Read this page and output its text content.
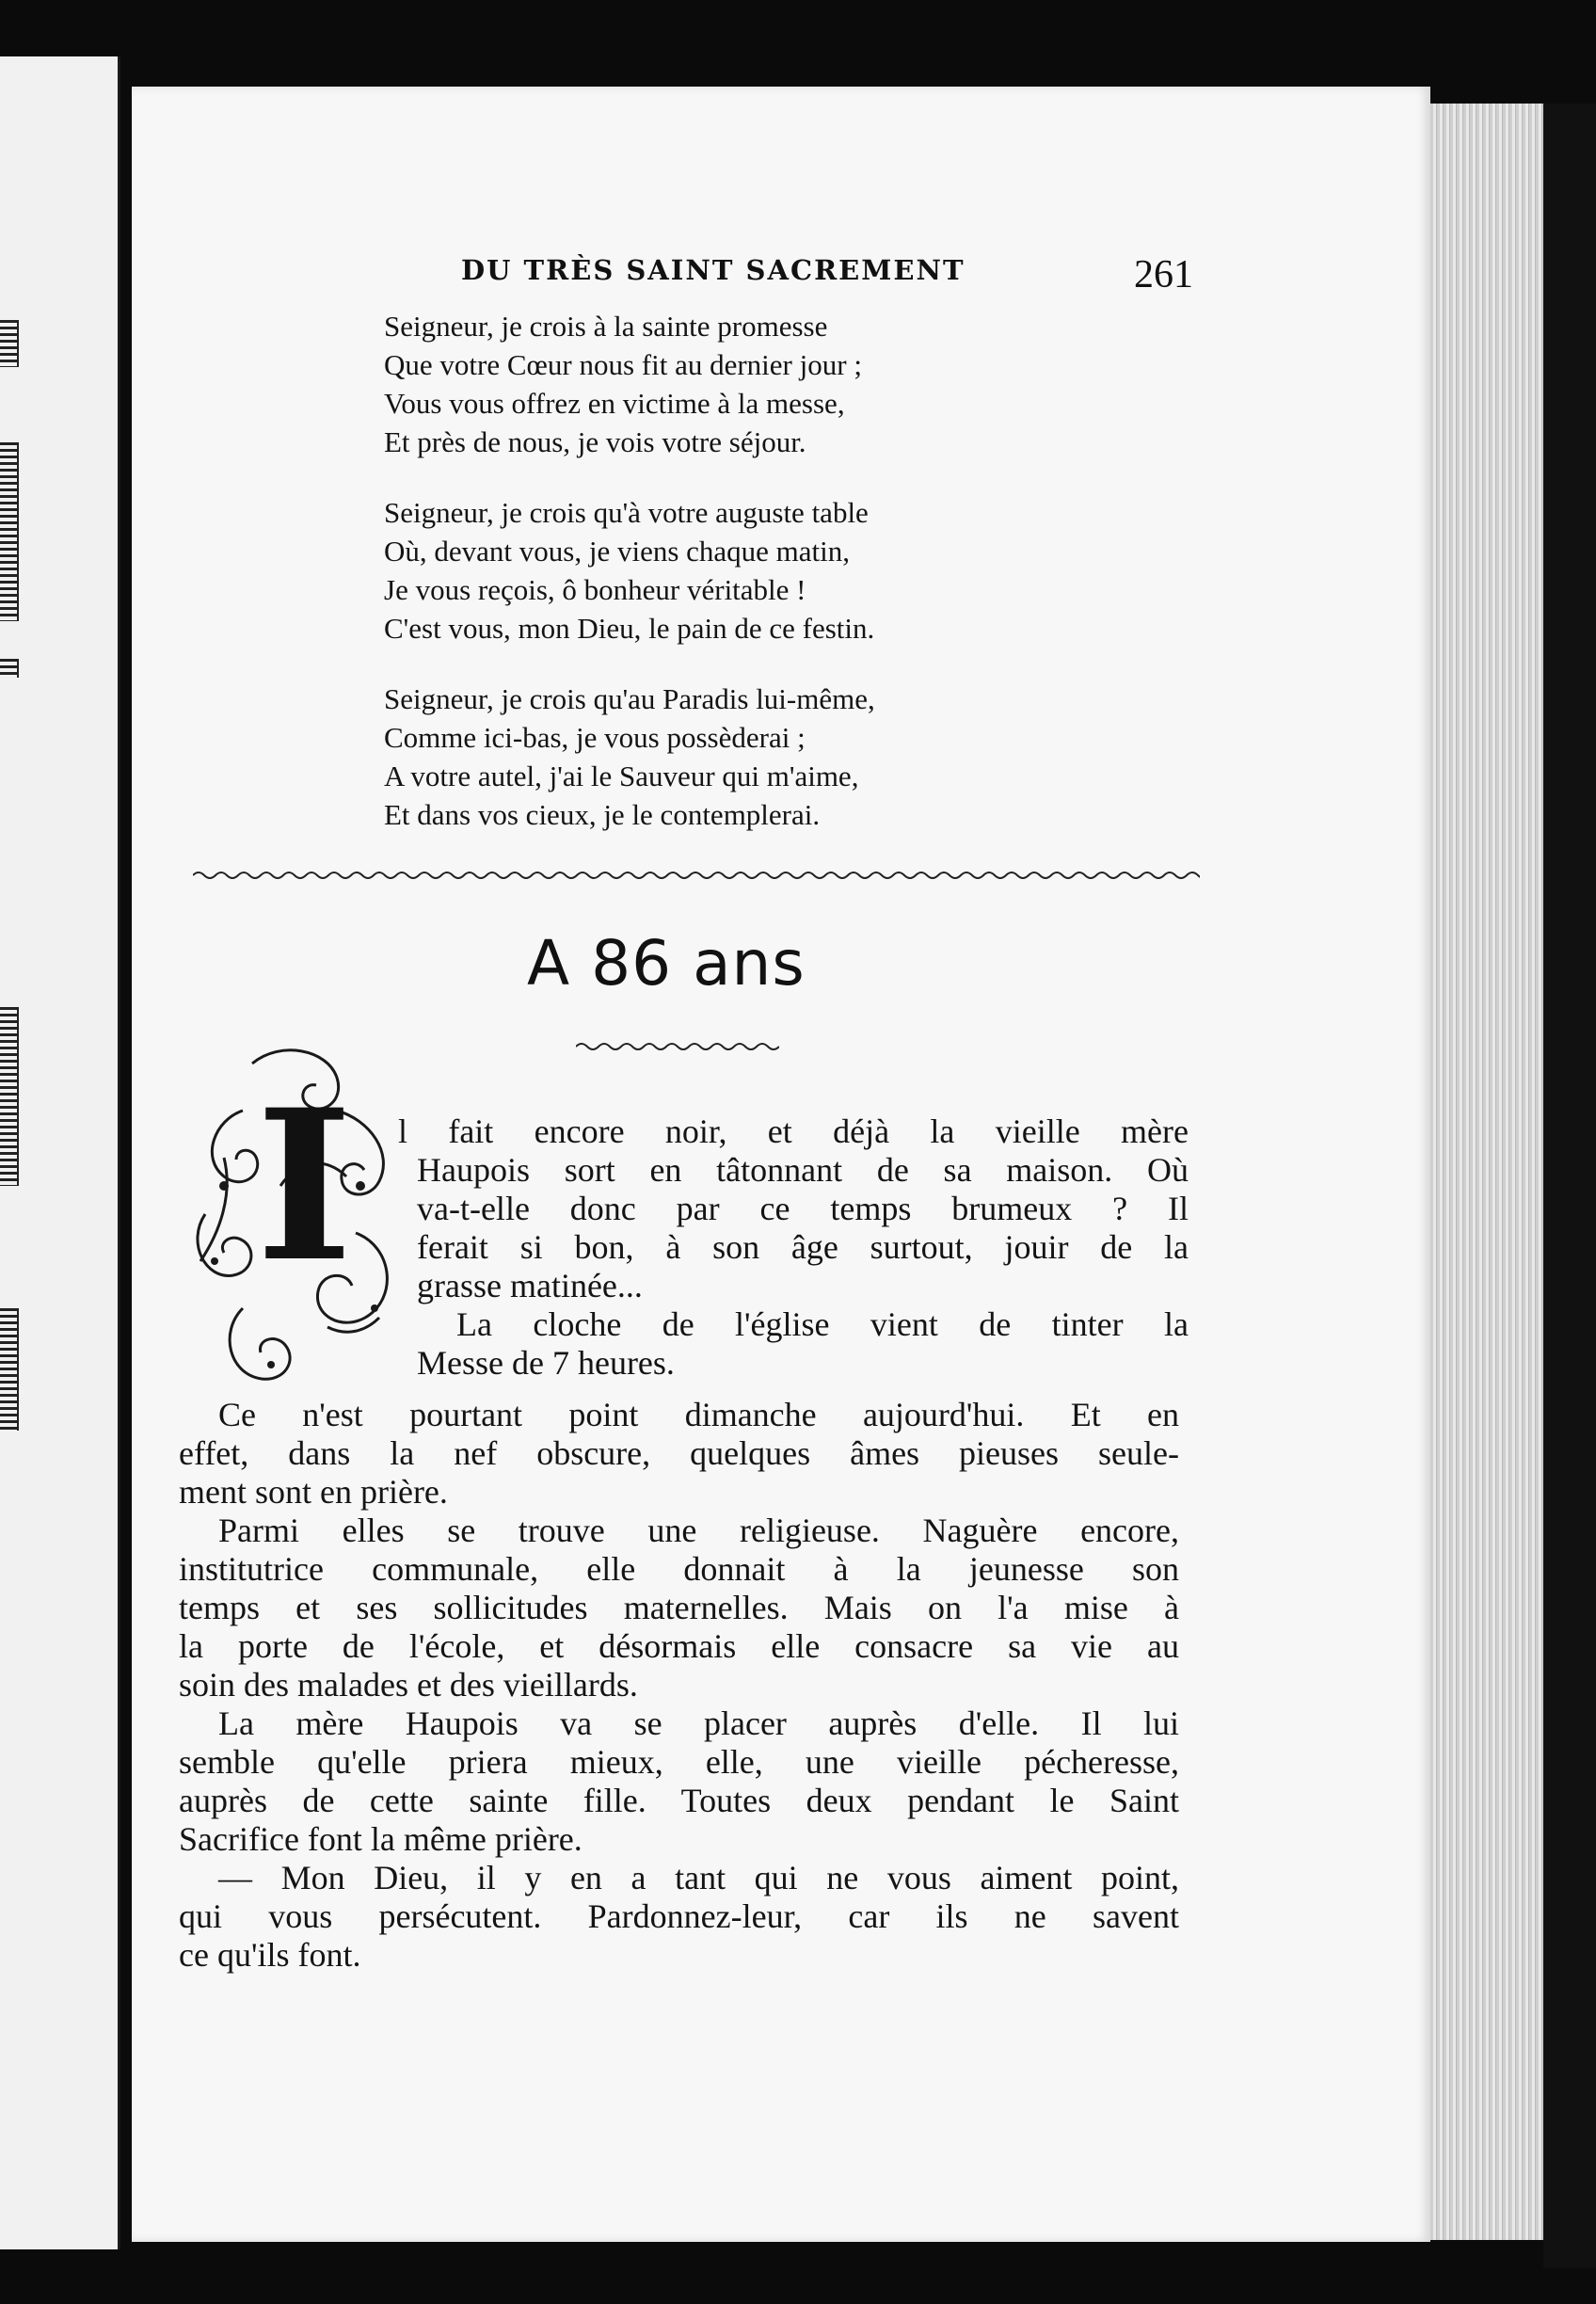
DU TRÈS SAINT SACREMENT	261
Seigneur, je crois à la sainte promesse
Que votre Cœur nous fit au dernier jour ;
Vous vous offrez en victime à la messe,
Et près de nous, je vois votre séjour.
Seigneur, je crois qu'à votre auguste table
Où, devant vous, je viens chaque matin,
Je vous reçois, ô bonheur véritable !
C'est vous, mon Dieu, le pain de ce festin.
Seigneur, je crois qu'au Paradis lui-même,
Comme ici-bas, je vous possèderai ;
A votre autel, j'ai le Sauveur qui m'aime,
Et dans vos cieux, je le contemplerai.
A 86 ans
I l fait encore noir, et déjà la vieille mère
Haupois sort en tâtonnant de sa maison. Où
va-t-elle donc par ce temps brumeux ? Il
ferait si bon, à son âge surtout, jouir de la
grasse matinée...
La cloche de l'église vient de tinter la
Messe de 7 heures.
Ce n'est pourtant point dimanche aujourd'hui. Et en
effet, dans la nef obscure, quelques âmes pieuses seule-
ment sont en prière.
Parmi elles se trouve une religieuse. Naguère encore,
institutrice communale, elle donnait à la jeunesse son
temps et ses sollicitudes maternelles. Mais on l'a mise à
la porte de l'école, et désormais elle consacre sa vie au
soin des malades et des vieillards.
La mère Haupois va se placer auprès d'elle. Il lui
semble qu'elle priera mieux, elle, une vieille pécheresse,
auprès de cette sainte fille. Toutes deux pendant le Saint
Sacrifice font la même prière.
— Mon Dieu, il y en a tant qui ne vous aiment point,
qui vous persécutent. Pardonnez-leur, car ils ne savent
ce qu'ils font.
